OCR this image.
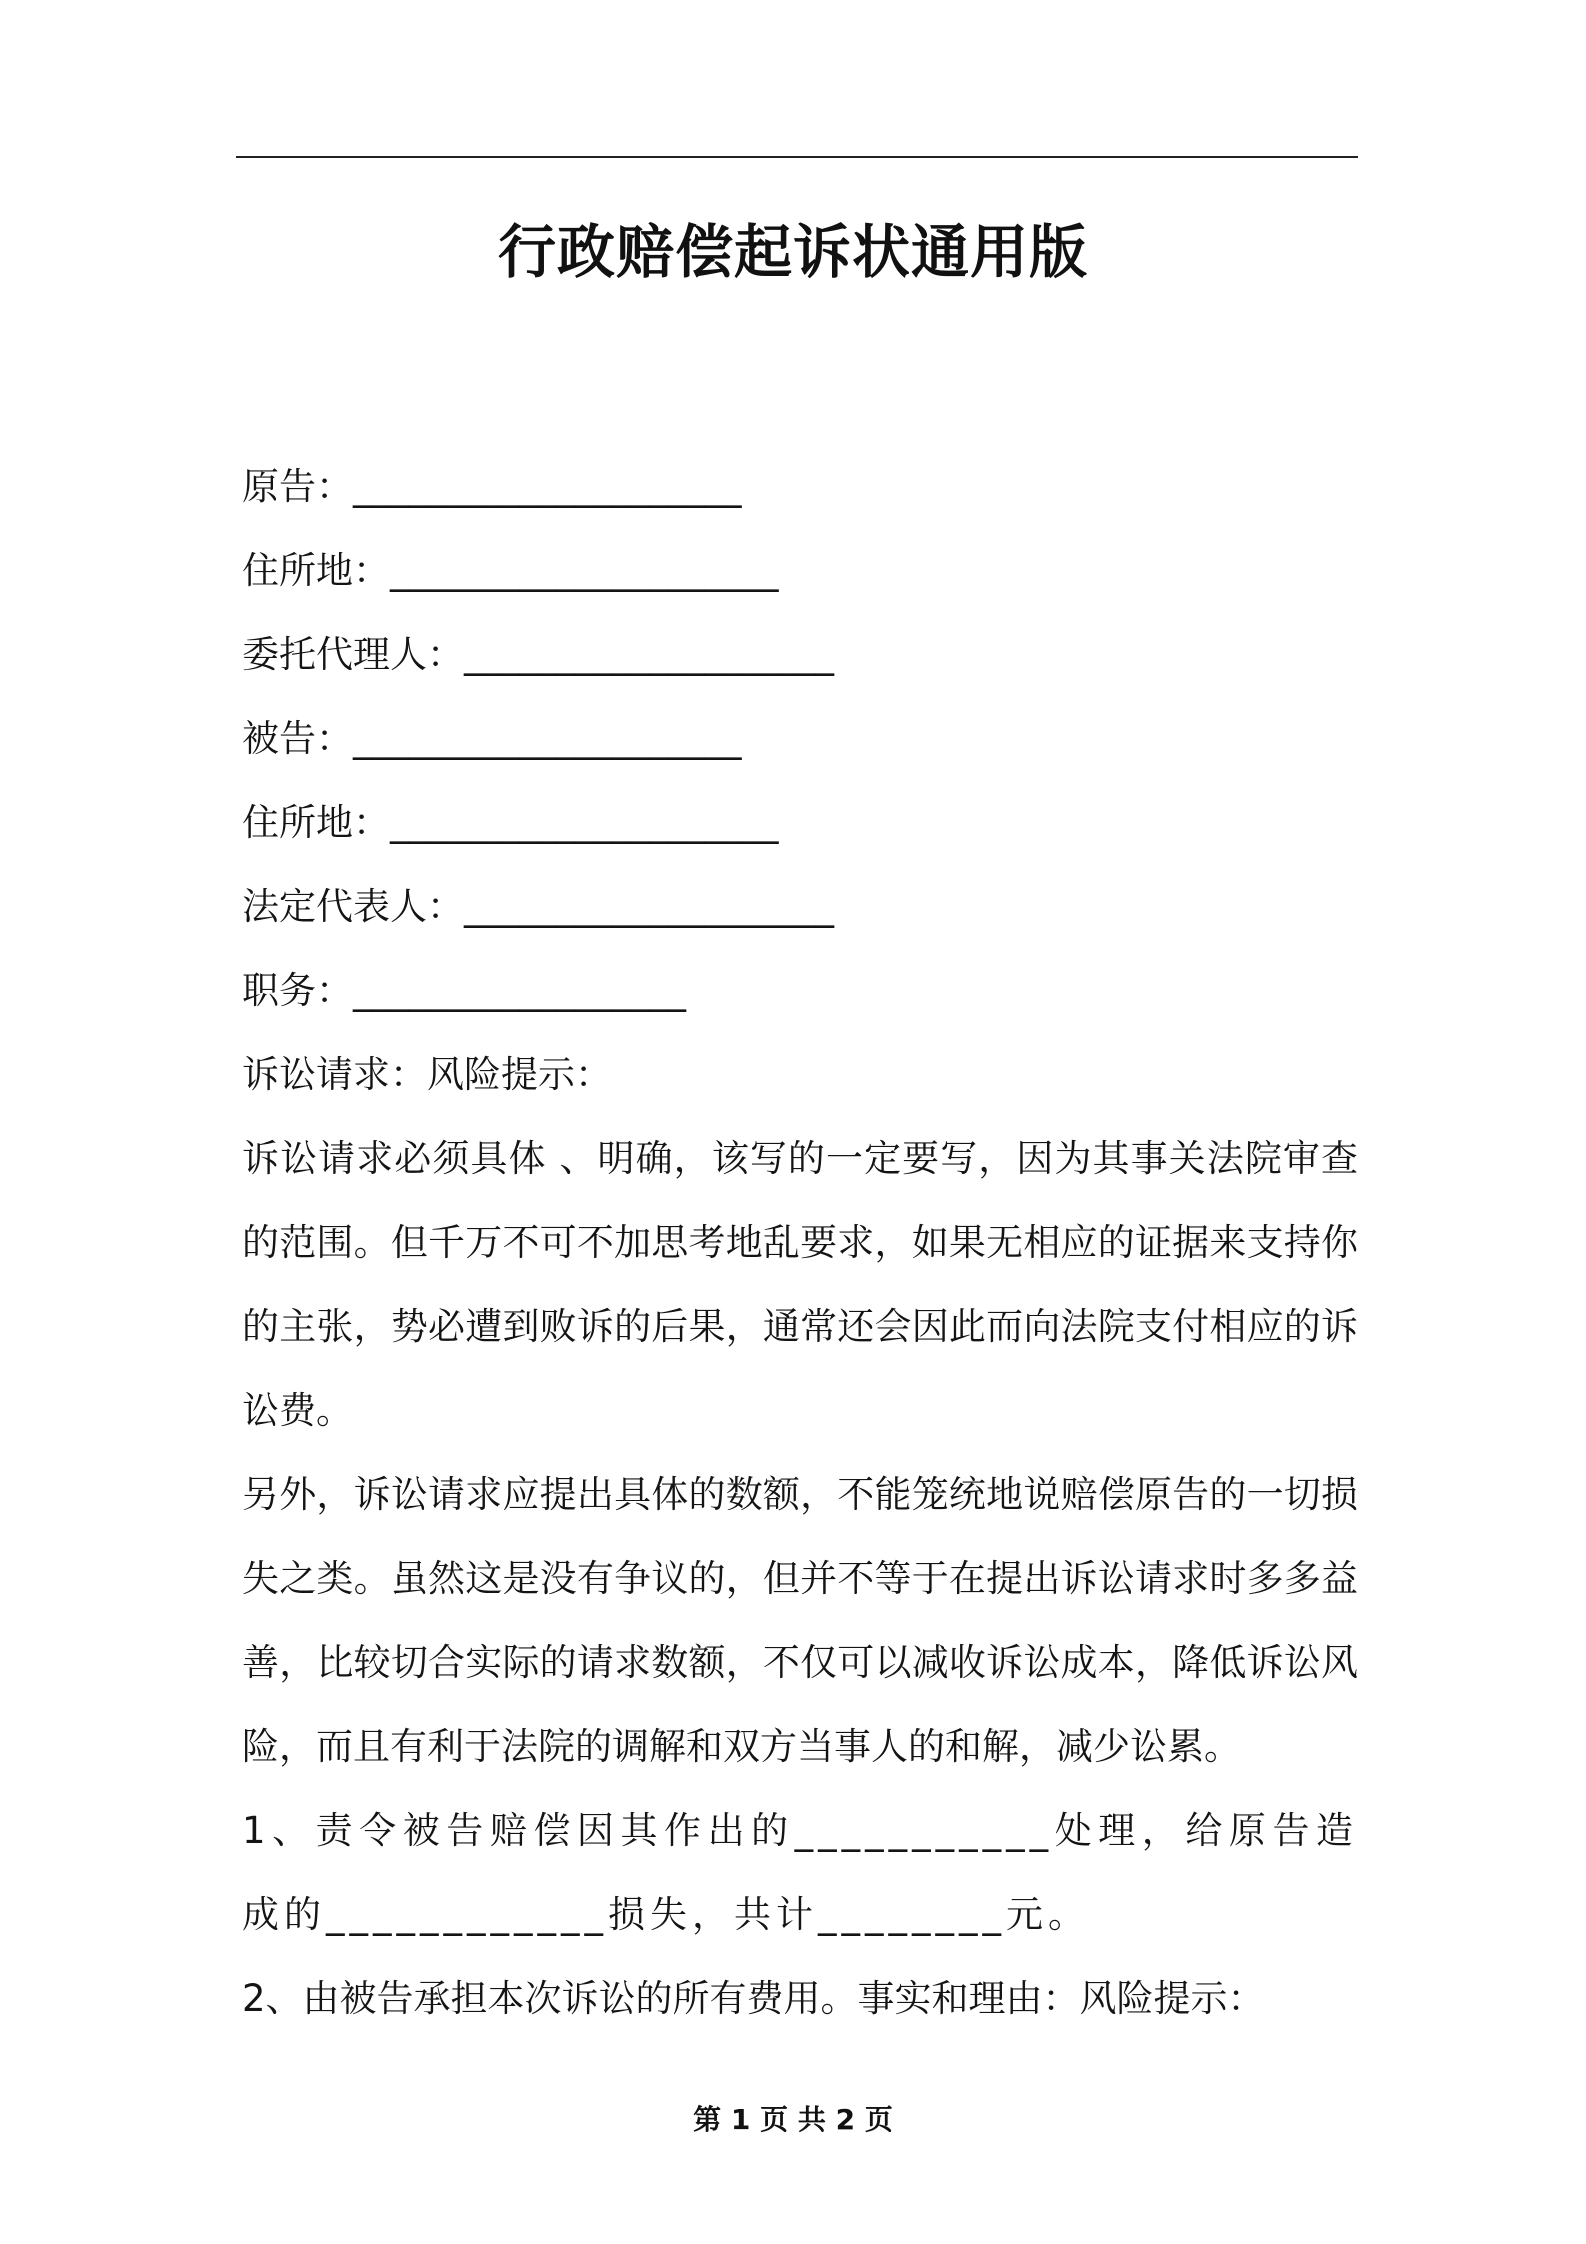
行政赔偿起诉状通用版
原告：_____________________
住所地：_____________________
委托代理人：____________________
被告：_____________________
住所地：_____________________
法定代表人：____________________
职务：__________________
诉讼请求：风险提示：
诉讼请求必须具体 、明确，该写的一定要写，因为其事关法院审查的范围。但千万不可不加思考地乱要求，如果无相应的证据来支持你的主张，势必遭到败诉的后果，通常还会因此而向法院支付相应的诉讼费。
另外，诉讼请求应提出具体的数额，不能笼统地说赔偿原告的一切损失之类。虽然这是没有争议的，但并不等于在提出诉讼请求时多多益善，比较切合实际的请求数额，不仅可以减收诉讼成本，降低诉讼风险，而且有利于法院的调解和双方当事人的和解，减少讼累。
1、责令被告赔偿因其作出的___________处理，给原告造成的____________损失，共计________元。
2、由被告承担本次诉讼的所有费用。事实和理由：风险提示：
第 1 页 共 2 页
